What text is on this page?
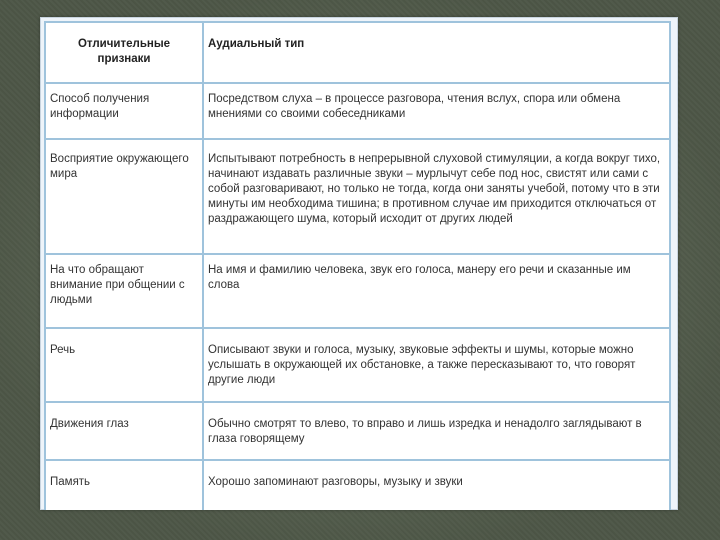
Отличительные признаки	Аудиальный тип
Способ получения информации	Посредством слуха – в процессе разговора, чтения вслух, спора или обмена мнениями со своими собеседниками
Восприятие окружающего мира	Испытывают потребность в непрерывной слуховой стимуляции, а когда вокруг тихо, начинают издавать различные звуки – мурлычут себе под нос, свистят или сами с собой разговаривают, но только не тогда, когда они заняты учебой, потому что в эти минуты им необходима тишина; в противном случае им приходится отключаться от раздражающего шума, который исходит от других людей
На что обращают внимание при общении с людьми	На имя и фамилию человека, звук его голоса, манеру его речи и сказанные им слова
Речь	Описывают звуки и голоса, музыку, звуковые эффекты и шумы, которые можно услышать в окружающей их обстановке, а также пересказывают то, что говорят другие люди
Движения глаз	Обычно смотрят то влево, то вправо и лишь изредка и ненадолго заглядывают в глаза говорящему
Память	Хорошо запоминают разговоры, музыку и звуки
